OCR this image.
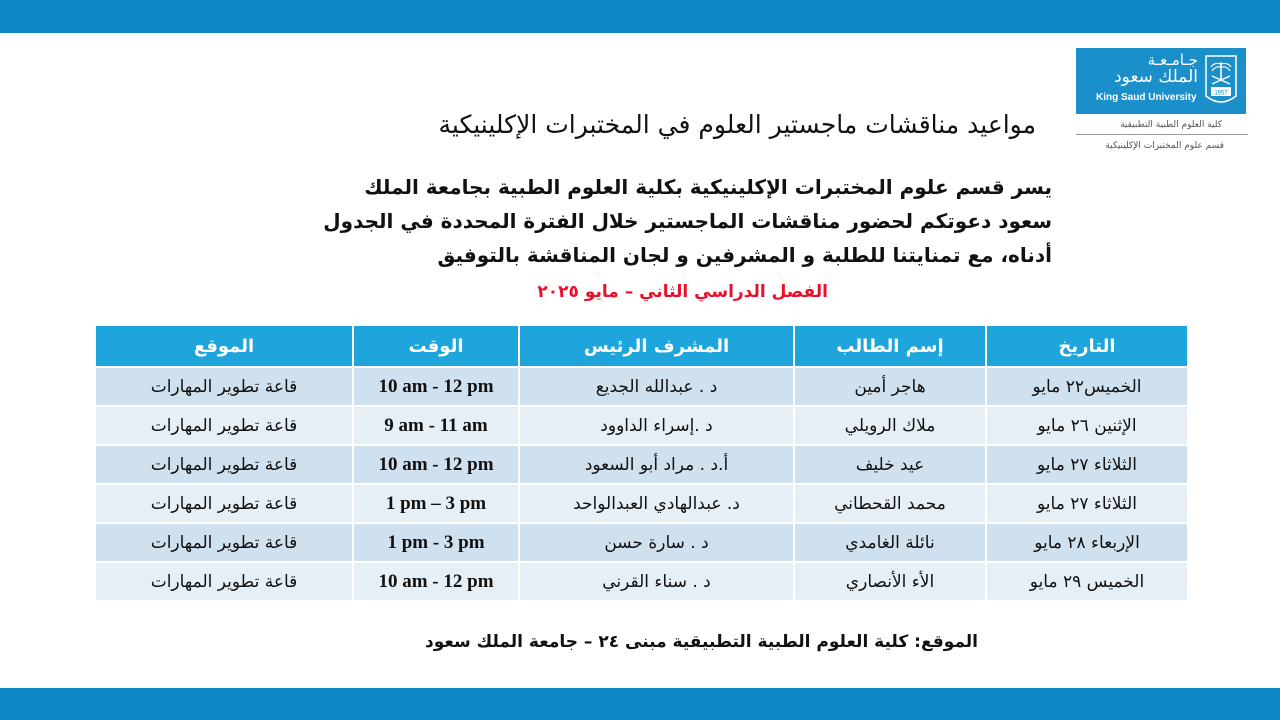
جـامـعـة
الملك سعود
King Saud University	1957
كلية العلوم الطبية التطبيقية
قسم علوم المختبرات الإكلينيكية
مواعيد مناقشات ماجستير العلوم في المختبرات الإكلينيكية
يسر قسم علوم المختبرات الإكلينيكية بكلية العلوم الطبية بجامعة الملك
سعود دعوتكم لحضور مناقشات الماجستير خلال الفترة المحددة في الجدول
أدناه، مع تمنايتنا للطلبة و المشرفين و لجان المناقشة بالتوفيق
الفصل الدراسي الثاني – مايو ٢٠٢٥
التاريخ	إسم الطالب	المشرف الرئيس	الوقت	الموقع
الخميس٢٢ مايو	هاجر أمين	د . عبدالله الجديع	10 am - 12 pm	قاعة تطوير المهارات
الإثنين ٢٦ مايو	ملاك الرويلي	د .إسراء الداوود	9 am - 11 am	قاعة تطوير المهارات
الثلاثاء ٢٧ مايو	عيد خليف	أ.د . مراد أبو السعود	10 am - 12 pm	قاعة تطوير المهارات
الثلاثاء ٢٧ مايو	محمد القحطاني	د. عبدالهادي العبدالواحد	1 pm – 3 pm	قاعة تطوير المهارات
الإربعاء ٢٨ مايو	نائلة الغامدي	د . سارة حسن	1 pm - 3 pm	قاعة تطوير المهارات
الخميس ٢٩ مايو	الأء الأنصاري	د . سناء القرني	10 am - 12 pm	قاعة تطوير المهارات
الموقع: كلية العلوم الطبية التطبيقية مبنى ٢٤ – جامعة الملك سعود
